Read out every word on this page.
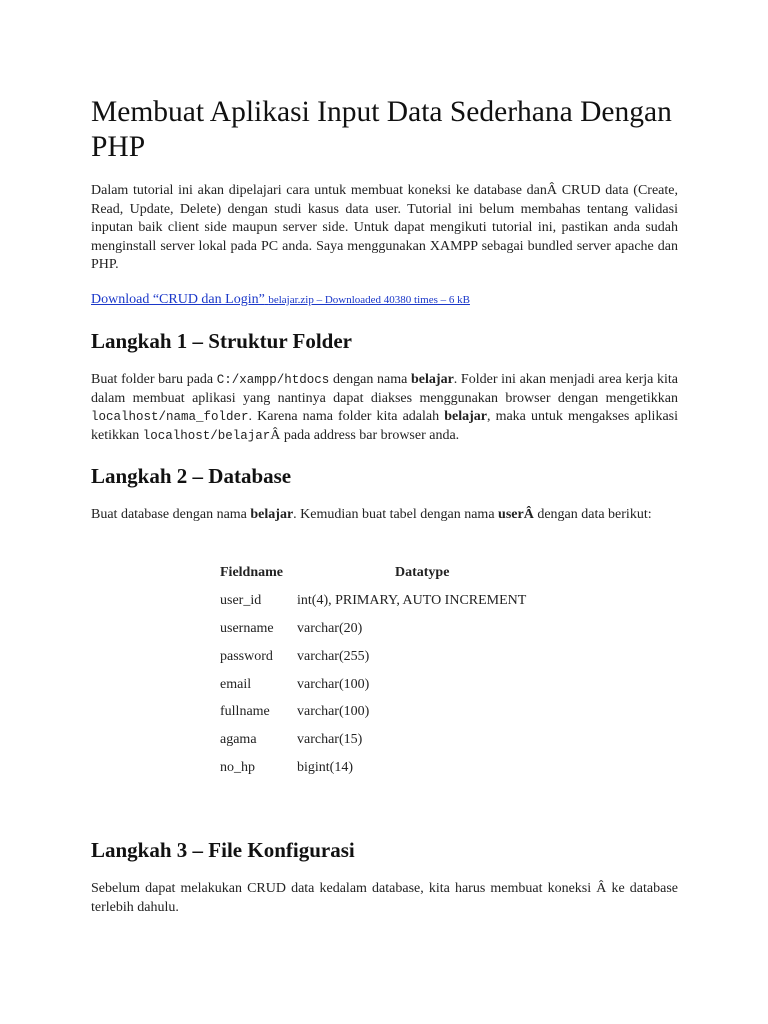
Membuat Aplikasi Input Data Sederhana Dengan PHP

Dalam tutorial ini akan dipelajari cara untuk membuat koneksi ke database danÂ CRUD data (Create, Read, Update, Delete) dengan studi kasus data user. Tutorial ini belum membahas tentang validasi inputan baik client side maupun server side. Untuk dapat mengikuti tutorial ini, pastikan anda sudah menginstall server lokal pada PC anda. Saya menggunakan XAMPP sebagai bundled server apache dan PHP.

Download “CRUD dan Login” belajar.zip – Downloaded 40380 times – 6 kB
Langkah 1 – Struktur Folder

Buat folder baru pada C:/xampp/htdocs dengan nama belajar. Folder ini akan menjadi area kerja kita dalam membuat aplikasi yang nantinya dapat diakses menggunakan browser dengan mengetikkan localhost/nama_folder. Karena nama folder kita adalah belajar, maka untuk mengakses aplikasi ketikkan localhost/belajarÂ pada address bar browser anda.

Langkah 2 – Database

Buat database dengan nama belajar. Kemudian buat tabel dengan nama userÂ dengan data berikut:

Fieldname	Datatype
user_id	int(4), PRIMARY, AUTO INCREMENT
username varchar(20)
password varchar(255)
email	varchar(100)
fullname varchar(100)
agama	varchar(15)
no_hp	bigint(14)
Langkah 3 – File Konfigurasi

Sebelum dapat melakukan CRUD data kedalam database, kita harus membuat koneksi Â ke database terlebih dahulu.
